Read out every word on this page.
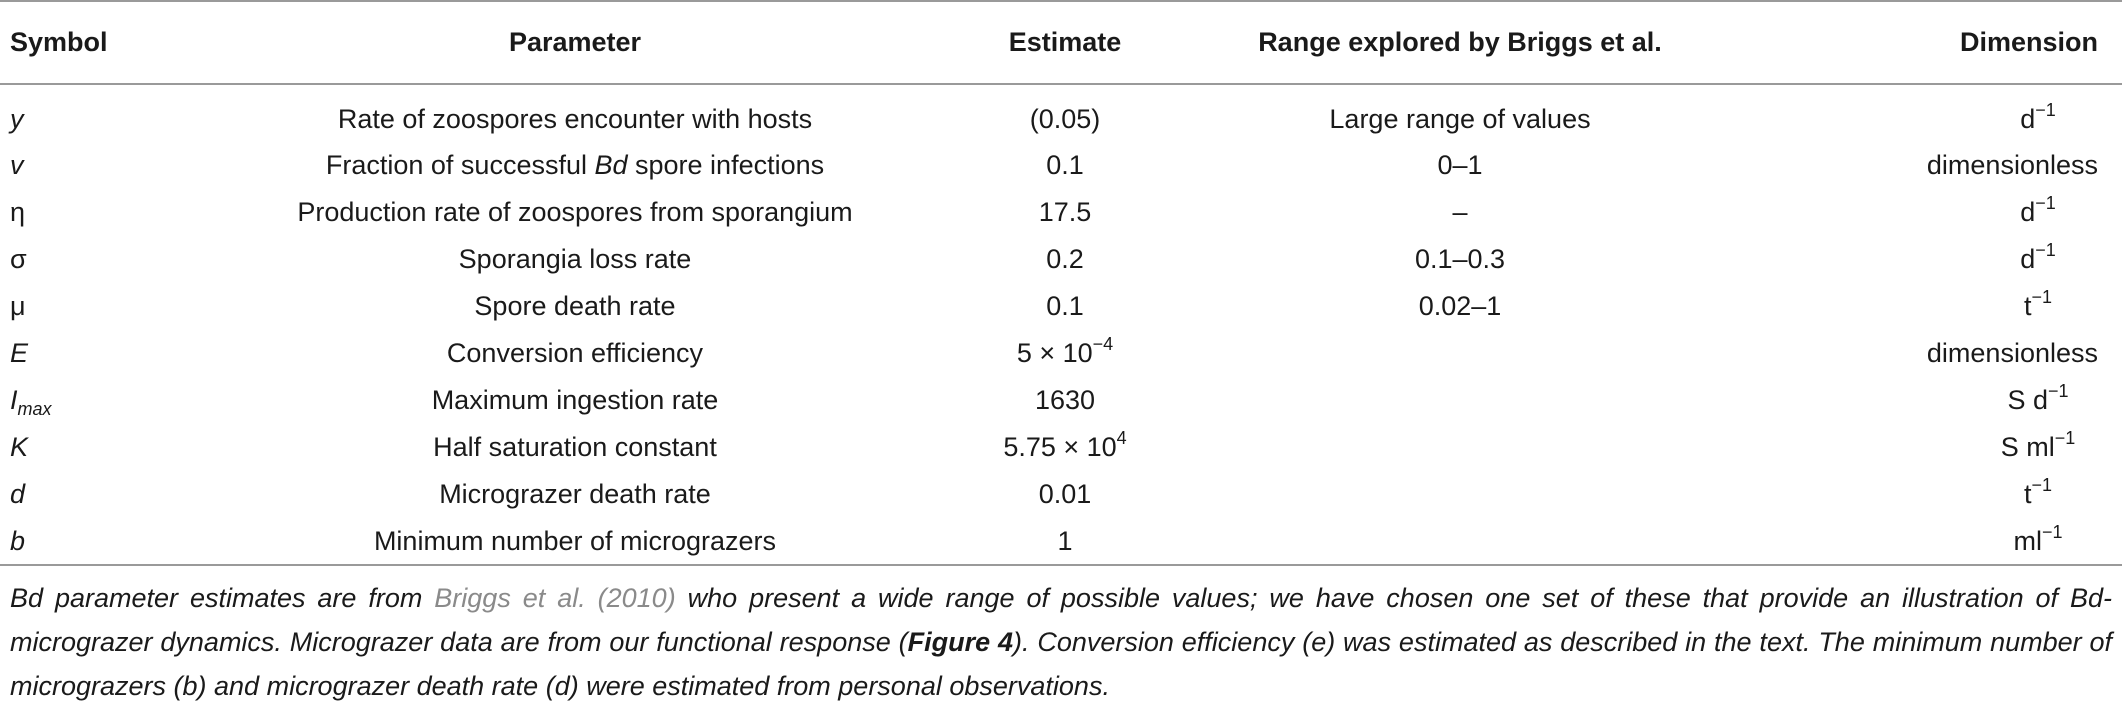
Symbol	Parameter	Estimate	Range explored by Briggs et al.	Dimension
y	Rate of zoospores encounter with hosts	(0.05)	Large range of values	$d^{-1}$
v	Fraction of successful Bd spore infections	0.1	0–1	dimensionless
η	Production rate of zoospores from sporangium	17.5	–	$d^{-1}$
σ	Sporangia loss rate	0.2	0.1–0.3	$d^{-1}$
μ	Spore death rate	0.1	0.02–1	$t^{-1}$
E	Conversion efficiency	$5 \times 10^{-4}$		dimensionless
$I_{max}$	Maximum ingestion rate	1630		S $d^{-1}$
K	Half saturation constant	$5.75 \times 10^4$		S $ml^{-1}$
d	Micrograzer death rate	0.01		$t^{-1}$
b	Minimum number of micrograzers	1		$ml^{-1}$

Bd parameter estimates are from Briggs et al. (2010) who present a wide range of possible values; we have chosen one set of these that provide an illustration of Bd-micrograzer dynamics. Micrograzer data are from our functional response (Figure 4). Conversion efficiency (e) was estimated as described in the text. The minimum number of micrograzers (b) and micrograzer death rate (d) were estimated from personal observations.
